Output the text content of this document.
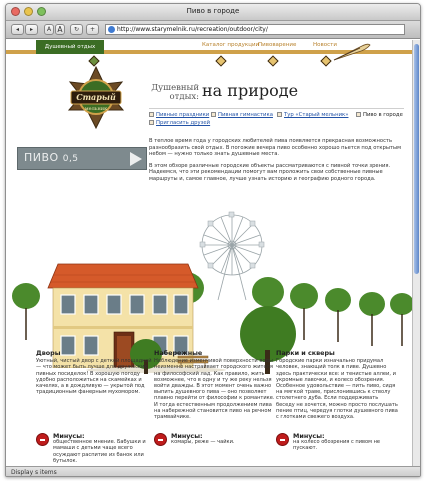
Пиво в городе
◂	▸	A A	↻	+	http://www.starymelnik.ru/recreation/outdoor/city/
Душевный отдых	Каталог продукции
Пивоварение	Новости
Старый
мельник
Душевный отдых: на природе
Пивные праздники	Пивная гимнастика	Тур «Старый мельник»	Пиво в городе
Пригласить друзей

В теплое время года у городских любителей пива появляется прекрасная возможность разнообразить свой отдых. В погожие вечера пиво особенно хорошо пьется под открытым небом — нужно только знать душевные места.

В этом обзоре различные городские объекты рассматриваются с пивной точки зрения. Надеемся, что эти рекомендации помогут вам проложить свои собственные пивные маршруты и, самое главное, лучше узнать историю и географию родного города.

ПИВО 0,5
Дворы
Уютный, чистый двор с деткой площадкой — что может быть лучше для дружеских пивных посиделок! В хорошую погоду удобно расположиться на скамейках и качелях, а в дождливую — укрытой под традиционным фанерным мухомором.
Набережные
Наблюдение изменчивой поверхности воды неизменно настраивает городского жителя на философский лад. Как правило, жить возможнее, что в одну и ту же реку нельзя войти дважды. В этот момент очень важно выпить душевного пива — оно позволяет плавно перейти от философии к романтике. И тогда естественным продолжением пива на набережной становится пиво на речном трамвайчике.
Парки и скверы
Городские парки изначально придумал человек, знающий толк в пиве. Душевно здесь практически все: и тенистые аллеи, и укромные лавочки, и колесо обозрения. Особенное удовольствие — пить пиво, сидя на мягкой траве, прислонившись к стволу столетнего дуба. Если поддерживать беседу не хочется, можно просто послушать пение птиц, чередуя глотки душевного пива с глотками свежего воздуха.
Минусы:
общественное мнение. Бабушки и мамаши с детьми чаще всего осуждают распитие из банок или бутылок.
Минусы:
комары, реже — чайки.
Минусы:
на колесо обозрения с пивом не пускают.
Display s items
